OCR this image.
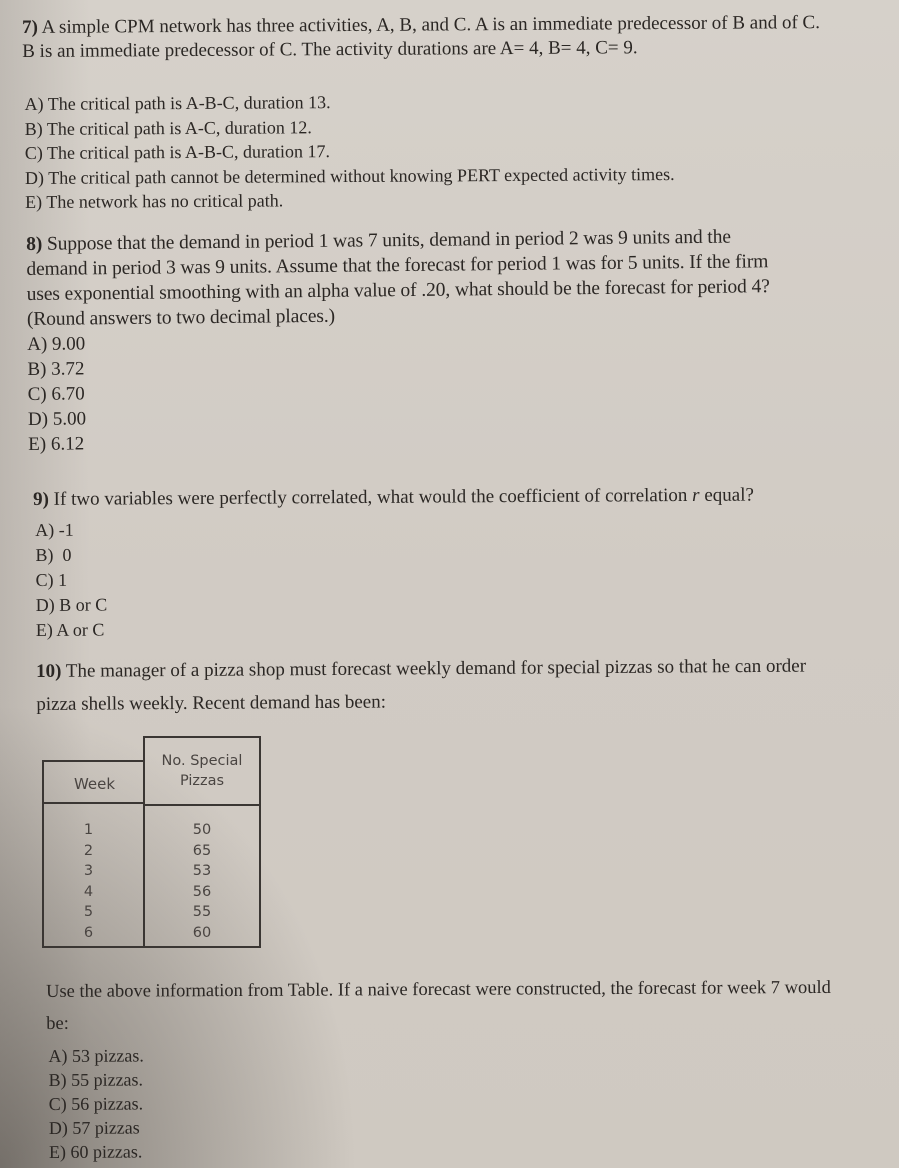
7) A simple CPM network has three activities, A, B, and C. A is an immediate predecessor of B and of C.
B is an immediate predecessor of C. The activity durations are A= 4, B= 4, C= 9.

A) The critical path is A-B-C, duration 13.
B) The critical path is A-C, duration 12.
C) The critical path is A-B-C, duration 17.
D) The critical path cannot be determined without knowing PERT expected activity times.
E) The network has no critical path.

8) Suppose that the demand in period 1 was 7 units, demand in period 2 was 9 units and the
demand in period 3 was 9 units. Assume that the forecast for period 1 was for 5 units. If the firm
uses exponential smoothing with an alpha value of .20, what should be the forecast for period 4?
(Round answers to two decimal places.)

A) 9.00
B) 3.72
C) 6.70
D) 5.00
E) 6.12

9) If two variables were perfectly correlated, what would the coefficient of correlation r equal?

A) -1
B)  0
C) 1
D) B or C
E) A or C

10) The manager of a pizza shop must forecast weekly demand for special pizzas so that he can order
pizza shells weekly. Recent demand has been:

Week
No. Special
Pizzas
1
2
3
4
5
6
50
65
53
56
55
60

Use the above information from Table. If a naive forecast were constructed, the forecast for week 7 would
be:

A) 53 pizzas.
B) 55 pizzas.
C) 56 pizzas.
D) 57 pizzas
E) 60 pizzas.
